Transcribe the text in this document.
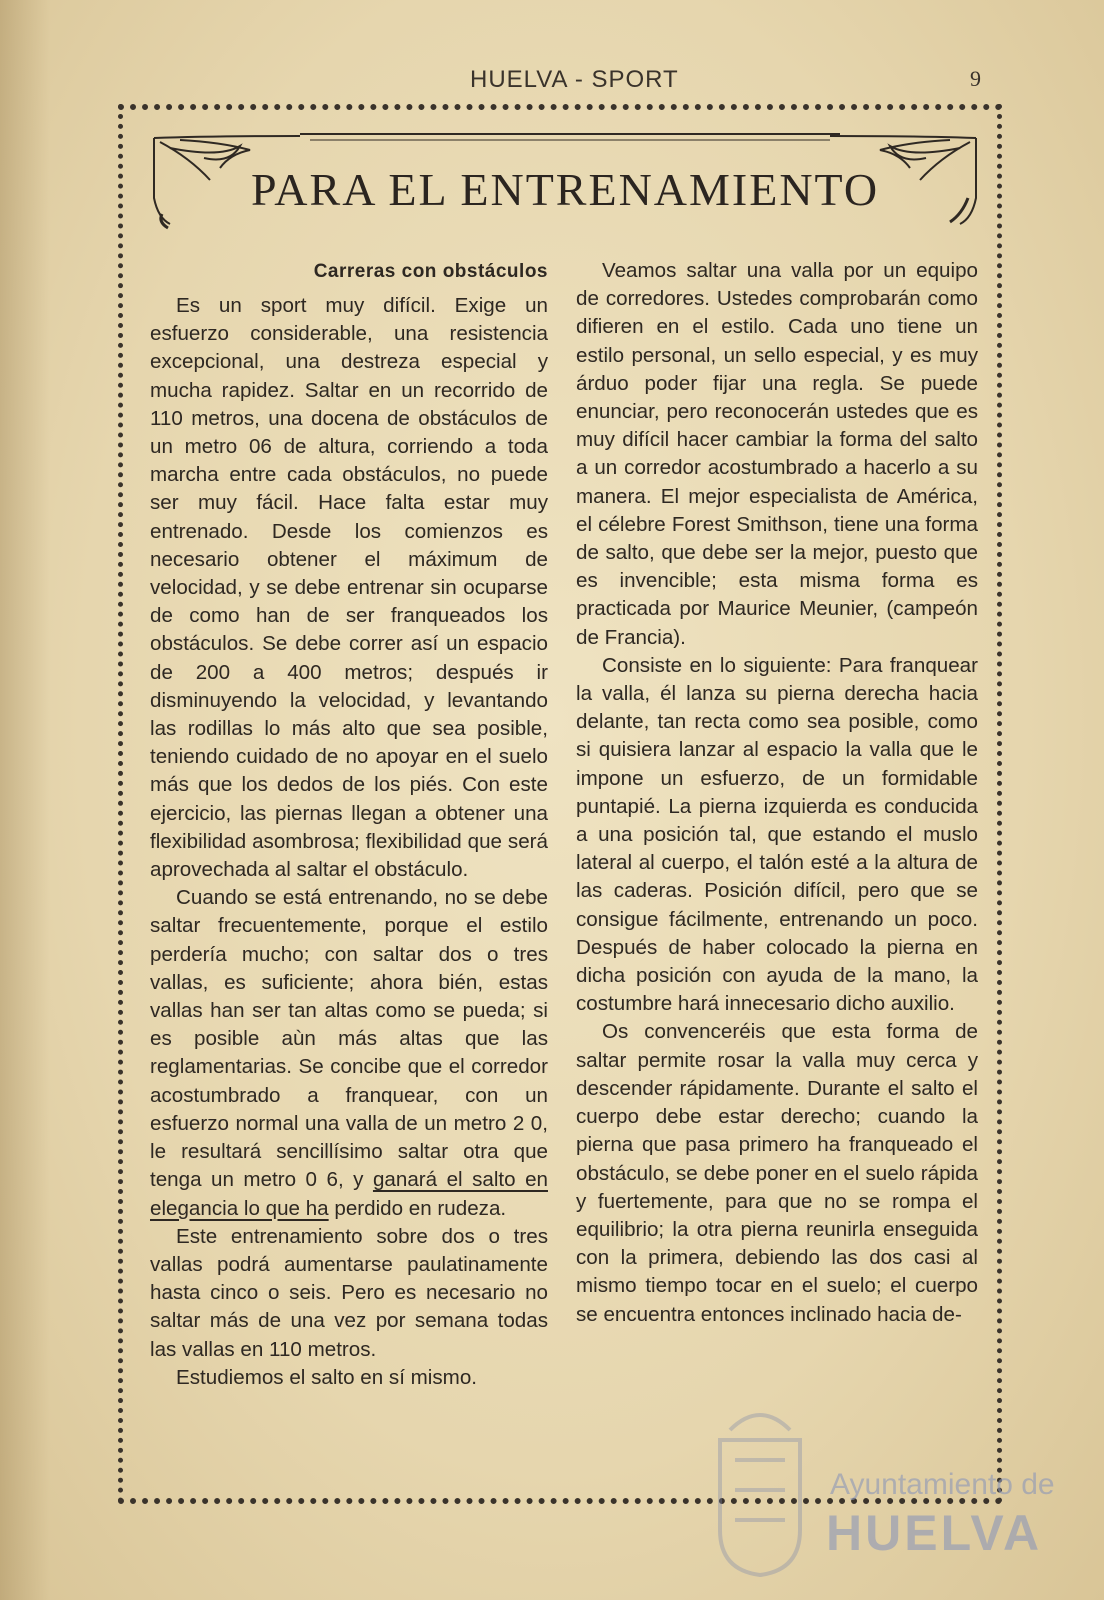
HUELVA - SPORT	9
PARA EL ENTRENAMIENTO
Carreras con obstáculos

Es un sport muy difícil. Exige un esfuerzo considerable, una resistencia excepcional, una destreza especial y mucha rapidez. Saltar en un recorrido de 110 metros, una docena de obstáculos de un metro 06 de altura, corriendo a toda marcha entre cada obstáculos, no puede ser muy fácil. Hace falta estar muy entrenado. Desde los comienzos es necesario obtener el máximum de velocidad, y se debe entrenar sin ocuparse de como han de ser franqueados los obstáculos. Se debe correr así un espacio de 200 a 400 metros; después ir disminuyendo la velocidad, y levantando las rodillas lo más alto que sea posible, teniendo cuidado de no apoyar en el suelo más que los dedos de los piés. Con este ejercicio, las piernas llegan a obtener una flexibilidad asombrosa; flexibilidad que será aprovechada al saltar el obstáculo.

Cuando se está entrenando, no se debe saltar frecuentemente, porque el estilo perdería mucho; con saltar dos o tres vallas, es suficiente; ahora bién, estas vallas han ser tan altas como se pueda; si es posible aùn más altas que las reglamentarias. Se concibe que el corredor acostumbrado a franquear, con un esfuerzo normal una valla de un metro 2 0, le resultará sencillísimo saltar otra que tenga un metro 0 6, y ganará el salto en elegancia lo que ha perdido en rudeza.

Este entrenamiento sobre dos o tres vallas podrá aumentarse paulatinamente hasta cinco o seis. Pero es necesario no saltar más de una vez por semana todas las vallas en 110 metros.

Estudiemos el salto en sí mismo.

Veamos saltar una valla por un equipo de corredores. Ustedes comprobarán como difieren en el estilo. Cada uno tiene un estilo personal, un sello especial, y es muy árduo poder fijar una regla. Se puede enunciar, pero reconocerán ustedes que es muy difícil hacer cambiar la forma del salto a un corredor acostumbrado a hacerlo a su manera. El mejor especialista de América, el célebre Forest Smithson, tiene una forma de salto, que debe ser la mejor, puesto que es invencible; esta misma forma es practicada por Maurice Meunier, (campeón de Francia).

Consiste en lo siguiente: Para franquear la valla, él lanza su pierna derecha hacia delante, tan recta como sea posible, como si quisiera lanzar al espacio la valla que le impone un esfuerzo, de un formidable puntapié. La pierna izquierda es conducida a una posición tal, que estando el muslo lateral al cuerpo, el talón esté a la altura de las caderas. Posición difícil, pero que se consigue fácilmente, entrenando un poco. Después de haber colocado la pierna en dicha posición con ayuda de la mano, la costumbre hará innecesario dicho auxilio.

Os convenceréis que esta forma de saltar permite rosar la valla muy cerca y descender rápidamente. Durante el salto el cuerpo debe estar derecho; cuando la pierna que pasa primero ha franqueado el obstáculo, se debe poner en el suelo rápida y fuertemente, para que no se rompa el equilibrio; la otra pierna reunirla enseguida con la primera, debiendo las dos casi al mismo tiempo tocar en el suelo; el cuerpo se encuentra entonces inclinado hacia de-

Ayuntamiento de
HUELVA
